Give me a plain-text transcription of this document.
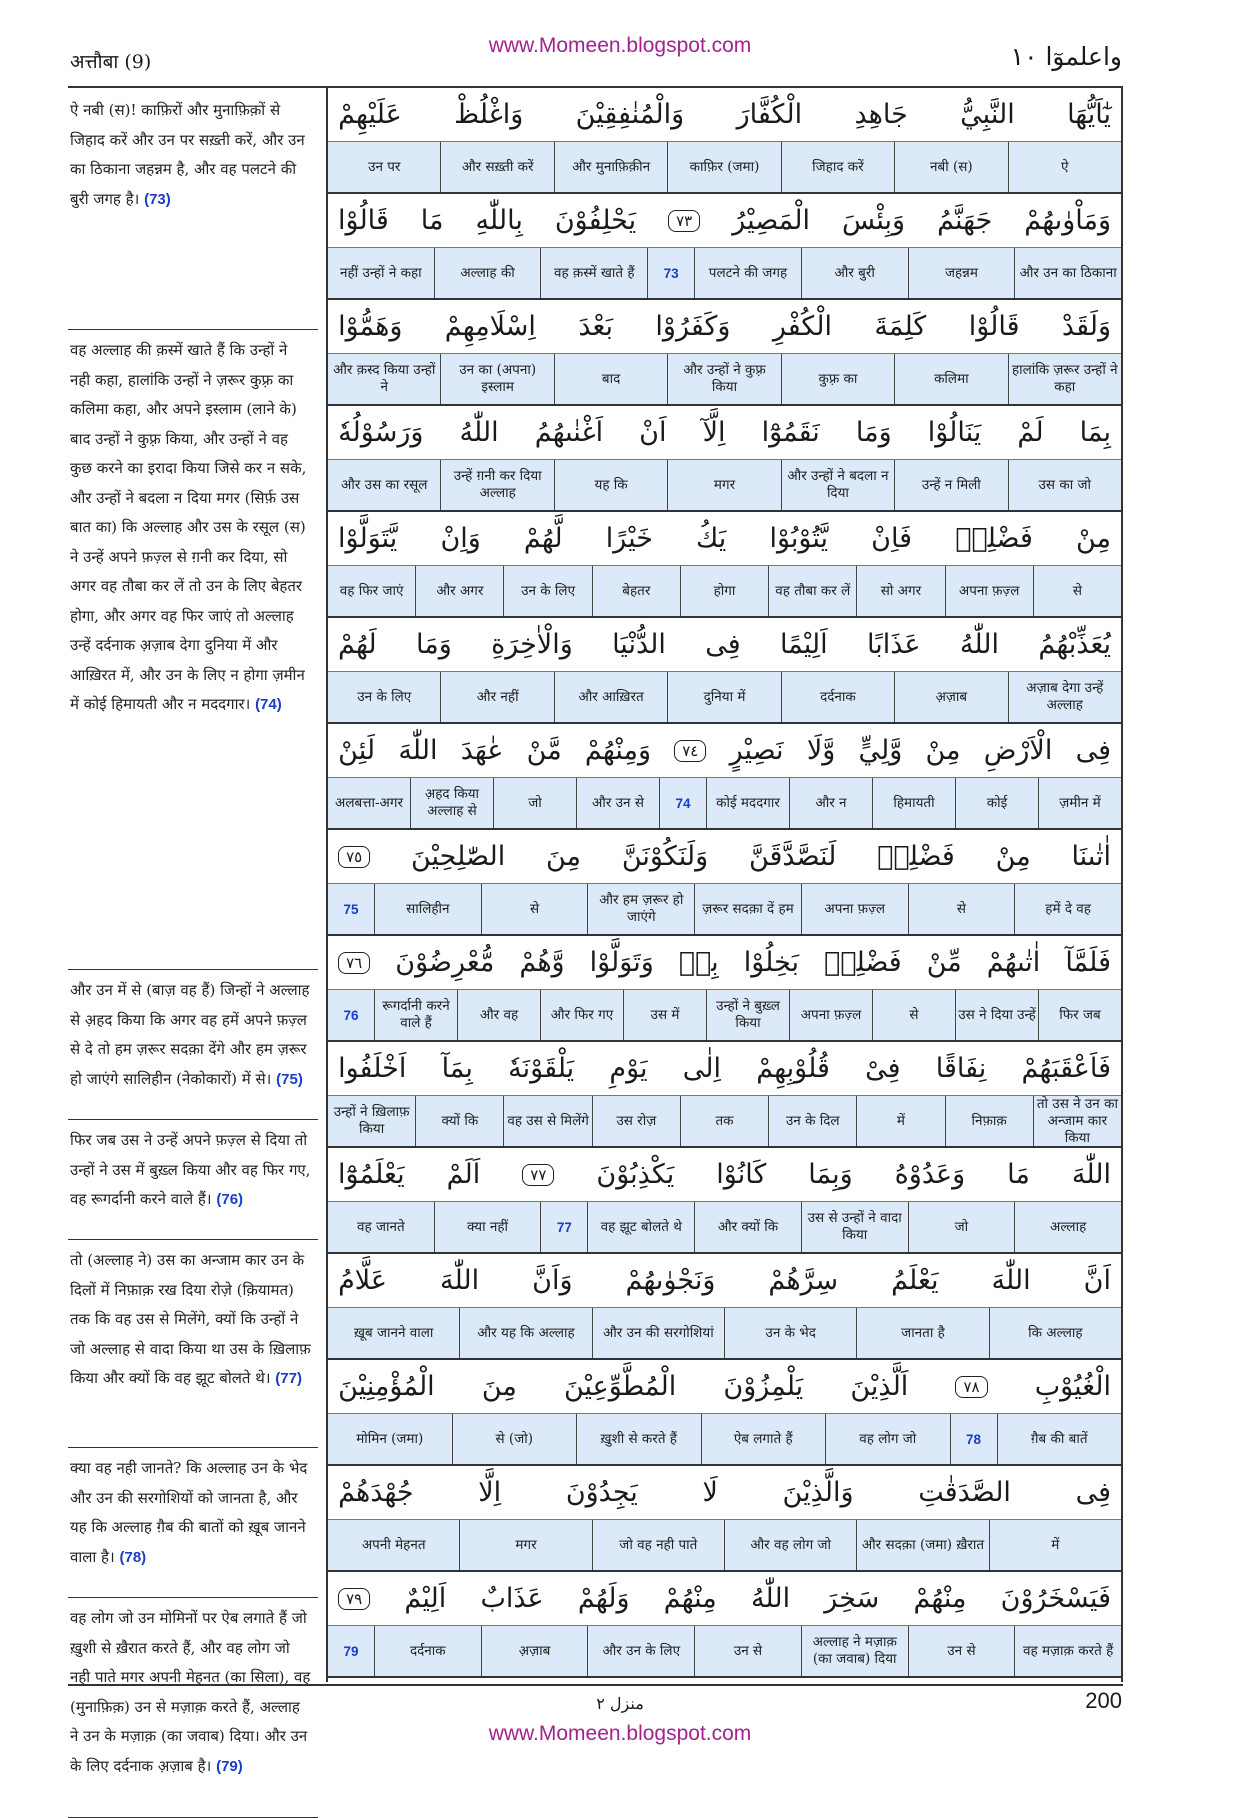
www.Momeen.blogspot.com
अत्तौबा (9)	واعلموٓا ١٠
ऐ नबी (स)! काफ़िरों और मुनाफ़िक़ों से जिहाद करें और उन पर सख़्ती करें, और उन का ठिकाना जहन्नम है, और वह पलटने की बुरी जगह है। (73)
वह अल्लाह की क़स्में खाते हैं कि उन्हों ने नही कहा, हालांकि उन्हों ने ज़रूर कुफ़्र का कलिमा कहा, और अपने इस्लाम (लाने के) बाद उन्हों ने कुफ़्र किया, और उन्हों ने वह कुछ करने का इरादा किया जिसे कर न सके, और उन्हों ने बदला न दिया मगर (सिर्फ़ उस बात का) कि अल्लाह और उस के रसूल (स) ने उन्हें अपने फ़ज़्ल से ग़नी कर दिया, सो अगर वह तौबा कर लें तो उन के लिए बेहतर होगा, और अगर वह फिर जाएं तो अल्लाह उन्हें दर्दनाक अ़ज़ाब देगा दुनिया में और आख़िरत में, और उन के लिए न होगा ज़मीन में कोई हिमायती और न मददगार। (74)
और उन में से (बाज़ वह हैं) जिन्हों ने अल्लाह से अ़हद किया कि अगर वह हमें अपने फ़ज़्ल से दे तो हम ज़रूर सदक़ा देंगे और हम ज़रूर हो जाएंगे सालिहीन (नेकोकारों) में से। (75)
फिर जब उस ने उन्हें अपने फ़ज़्ल से दिया तो उन्हों ने उस में बुख़्ल किया और वह फिर गए, वह रूगर्दानी करने वाले हैं। (76)
तो (अल्लाह ने) उस का अन्जाम कार उन के दिलों में निफ़ाक़ रख दिया रोज़े (क़ियामत) तक कि वह उस से मिलेंगे, क्यों कि उन्हों ने जो अल्लाह से वादा किया था उस के ख़िलाफ़ किया और क्यों कि वह झूट बोलते थे। (77)
क्या वह नही जानते? कि अल्लाह उन के भेद और उन की सरगोशियों को जानता है, और यह कि अल्लाह ग़ैब की बातों को ख़ूब जानने वाला है। (78)
वह लोग जो उन मोमिनों पर ऐब लगाते हैं जो ख़ुशी से ख़ैरात करते हैं, और वह लोग जो नही पाते मगर अपनी मेहनत (का सिला), वह (मुनाफ़िक़) उन से मज़ाक़ करते हैं, अल्लाह ने उन के मज़ाक़ (का जवाब) दिया। और उन के लिए दर्दनाक अ़ज़ाब है। (79)
يٰٓاَيُّهَا
النَّبِيُّ
جَاهِدِ
الْكُفَّارَ
وَالْمُنٰفِقِيْنَ
وَاغْلُظْ
عَلَيْهِمْ
ऐ
नबी (स)
जिहाद करें
काफ़िर (जमा)
और मुनाफ़िक़ीन
और सख़्ती करें
उन पर
وَمَاْوٰىهُمْ
جَهَنَّمُ
وَبِئْسَ
الْمَصِيْرُ
٧٣
يَحْلِفُوْنَ
بِاللّٰهِ
مَا
قَالُوْا
और उन का ठिकाना
जहन्नम
और बुरी
पलटने की जगह
73
वह क़स्में खाते हैं
अल्लाह की
नहीं उन्हों ने कहा
وَلَقَدْ
قَالُوْا
كَلِمَةَ
الْكُفْرِ
وَكَفَرُوْا
بَعْدَ
اِسْلَامِهِمْ
وَهَمُّوْا
हालांकि ज़रूर उन्हों ने कहा
कलिमा
कुफ़्र का
और उन्हों ने कुफ़्र किया
बाद
उन का (अपना) इस्लाम
और क़स्द किया उन्हों ने
بِمَا
لَمْ
يَنَالُوْا
وَمَا
نَقَمُوْٓا
اِلَّآ
اَنْ
اَغْنٰىهُمُ
اللّٰهُ
وَرَسُوْلُهٗ
उस का जो
उन्हें न मिली
और उन्हों ने बदला न दिया
मगर
यह कि
उन्हें ग़नी कर दिया अल्लाह
और उस का रसूल
مِنْ
فَضْلِهٖ
فَاِنْ
يَّتُوْبُوْا
يَكُ
خَيْرًا
لَّهُمْ
وَاِنْ
يَّتَوَلَّوْا
से
अपना फ़ज़्ल
सो अगर
वह तौबा कर लें
होगा
बेहतर
उन के लिए
और अगर
वह फिर जाएं
يُعَذِّبْهُمُ
اللّٰهُ
عَذَابًا
اَلِيْمًا
فِى
الدُّنْيَا
وَالْاٰخِرَةِ
وَمَا
لَهُمْ
अज़ाब देगा उन्हें अल्लाह
अ़ज़ाब
दर्दनाक
दुनिया में
और आख़िरत
और नहीं
उन के लिए
فِى
الْاَرْضِ
مِنْ
وَّلِيٍّ
وَّلَا
نَصِيْرٍ
٧٤
وَمِنْهُمْ
مَّنْ
عٰهَدَ
اللّٰهَ
لَئِنْ
ज़मीन में
कोई
हिमायती
और न
कोई मददगार
74
और उन से
जो
अ़हद किया अल्लाह से
अलबत्ता-अगर
اٰتٰىنَا
مِنْ
فَضْلِهٖ
لَنَصَّدَّقَنَّ
وَلَنَكُوْنَنَّ
مِنَ
الصّٰلِحِيْنَ
٧٥
हमें दे वह
से
अपना फ़ज़्ल
ज़रूर सदक़ा दें हम
और हम ज़रूर हो जाएंगे
से
सालिहीन
75
فَلَمَّآ
اٰتٰىهُمْ
مِّنْ
فَضْلِهٖ
بَخِلُوْا
بِهٖ
وَتَوَلَّوْا
وَّهُمْ
مُّعْرِضُوْنَ
٧٦
फिर जब
उस ने दिया उन्हें
से
अपना फ़ज़्ल
उन्हों ने बुख़्ल किया
उस में
और फिर गए
और वह
रूगर्दानी करने वाले हैं
76
فَاَعْقَبَهُمْ
نِفَاقًا
فِىْ
قُلُوْبِهِمْ
اِلٰى
يَوْمِ
يَلْقَوْنَهٗ
بِمَآ
اَخْلَفُوا
तो उस ने उन का अन्जाम कार किया
निफ़ाक़
में
उन के दिल
तक
उस रोज़
वह उस से मिलेंगे
क्यों कि
उन्हों ने ख़िलाफ़ किया
اللّٰهَ
مَا
وَعَدُوْهُ
وَبِمَا
كَانُوْا
يَكْذِبُوْنَ
٧٧
اَلَمْ
يَعْلَمُوْٓا
अल्लाह
जो
उस से उन्हों ने वादा किया
और क्यों कि
वह झूट बोलते थे
77
क्या नहीं
वह जानते
اَنَّ
اللّٰهَ
يَعْلَمُ
سِرَّهُمْ
وَنَجْوٰىهُمْ
وَاَنَّ
اللّٰهَ
عَلَّامُ
कि अल्लाह
जानता है
उन के भेद
और उन की सरगोशियां
और यह कि अल्लाह
ख़ूब जानने वाला
الْغُيُوْبِ
٧٨
اَلَّذِيْنَ
يَلْمِزُوْنَ
الْمُطَّوِّعِيْنَ
مِنَ
الْمُؤْمِنِيْنَ
ग़ैब की बातें
78
वह लोग जो
ऐब लगाते हैं
ख़ुशी से करते हैं
से (जो)
मोमिन (जमा)
فِى
الصَّدَقٰتِ
وَالَّذِيْنَ
لَا
يَجِدُوْنَ
اِلَّا
جُهْدَهُمْ
में
और सदक़ा (जमा) ख़ैरात
और वह लोग जो
जो वह नही पाते
मगर
अपनी मेहनत
فَيَسْخَرُوْنَ
مِنْهُمْ
سَخِرَ
اللّٰهُ
مِنْهُمْ
وَلَهُمْ
عَذَابٌ
اَلِيْمٌ
٧٩
वह मज़ाक़ करते हैं
उन से
अल्लाह ने मज़ाक़ (का जवाब) दिया
उन से
और उन के लिए
अ़ज़ाब
दर्दनाक
79
منزل ٢	200
www.Momeen.blogspot.com
